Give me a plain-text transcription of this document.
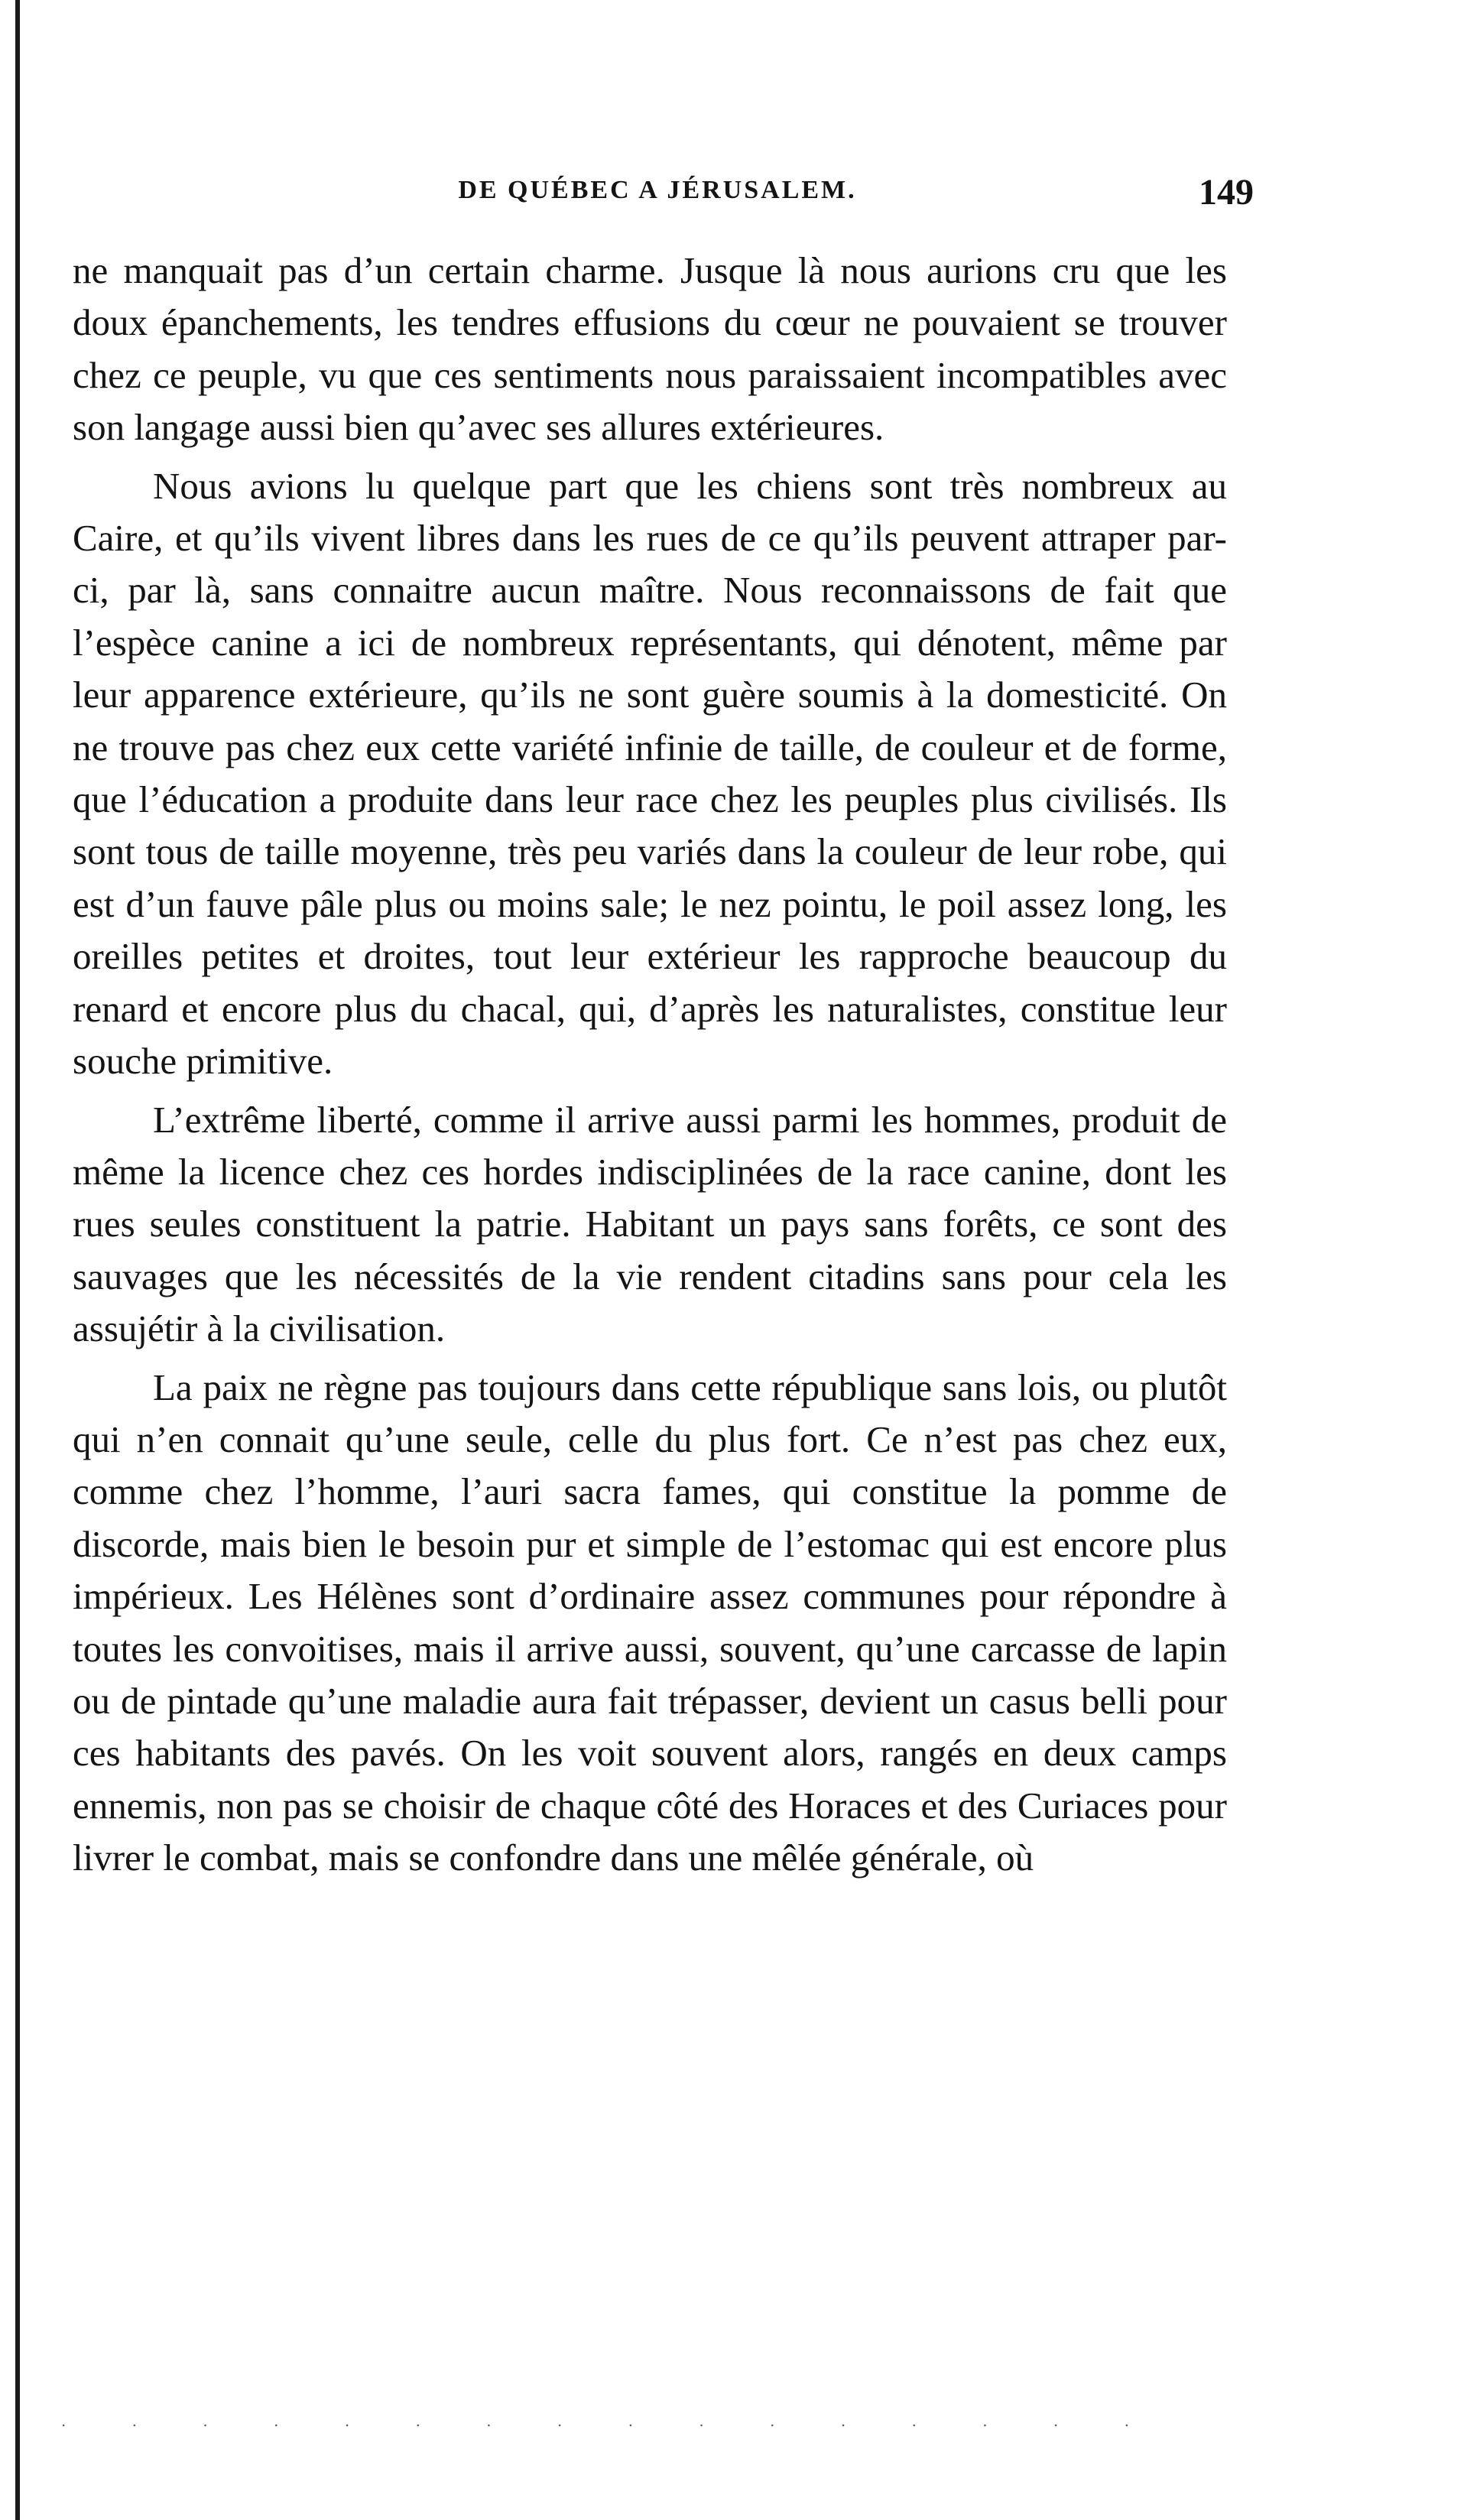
DE QUÉBEC A JÉRUSALEM.	149

ne manquait pas d’un certain charme. Jusque là nous aurions cru que les doux épanchements, les tendres effusions du cœur ne pouvaient se trouver chez ce peuple, vu que ces sentiments nous paraissaient incompatibles avec son langage aussi bien qu’avec ses allures extérieures.

Nous avions lu quelque part que les chiens sont très nombreux au Caire, et qu’ils vivent libres dans les rues de ce qu’ils peuvent attraper par-ci, par là, sans connaitre aucun maître. Nous reconnaissons de fait que l’espèce canine a ici de nombreux représentants, qui dénotent, même par leur apparence extérieure, qu’ils ne sont guère soumis à la domesticité. On ne trouve pas chez eux cette variété infinie de taille, de couleur et de forme, que l’éducation a produite dans leur race chez les peuples plus civilisés. Ils sont tous de taille moyenne, très peu variés dans la couleur de leur robe, qui est d’un fauve pâle plus ou moins sale; le nez pointu, le poil assez long, les oreilles petites et droites, tout leur extérieur les rapproche beaucoup du renard et encore plus du chacal, qui, d’après les naturalistes, constitue leur souche primitive.

L’extrême liberté, comme il arrive aussi parmi les hommes, produit de même la licence chez ces hordes indisciplinées de la race canine, dont les rues seules constituent la patrie. Habitant un pays sans forêts, ce sont des sauvages que les nécessités de la vie rendent citadins sans pour cela les assujétir à la civilisation.

La paix ne règne pas toujours dans cette république sans lois, ou plutôt qui n’en connait qu’une seule, celle du plus fort. Ce n’est pas chez eux, comme chez l’homme, l’auri sacra fames, qui constitue la pomme de discorde, mais bien le besoin pur et simple de l’estomac qui est encore plus impérieux. Les Hélènes sont d’ordinaire assez communes pour répondre à toutes les convoitises, mais il arrive aussi, souvent, qu’une carcasse de lapin ou de pintade qu’une maladie aura fait trépasser, devient un casus belli pour ces habitants des pavés. On les voit souvent alors, rangés en deux camps ennemis, non pas se choisir de chaque côté des Horaces et des Curiaces pour livrer le combat, mais se confondre dans une mêlée générale, où

· · · · · · · · · · · · · · · ·
